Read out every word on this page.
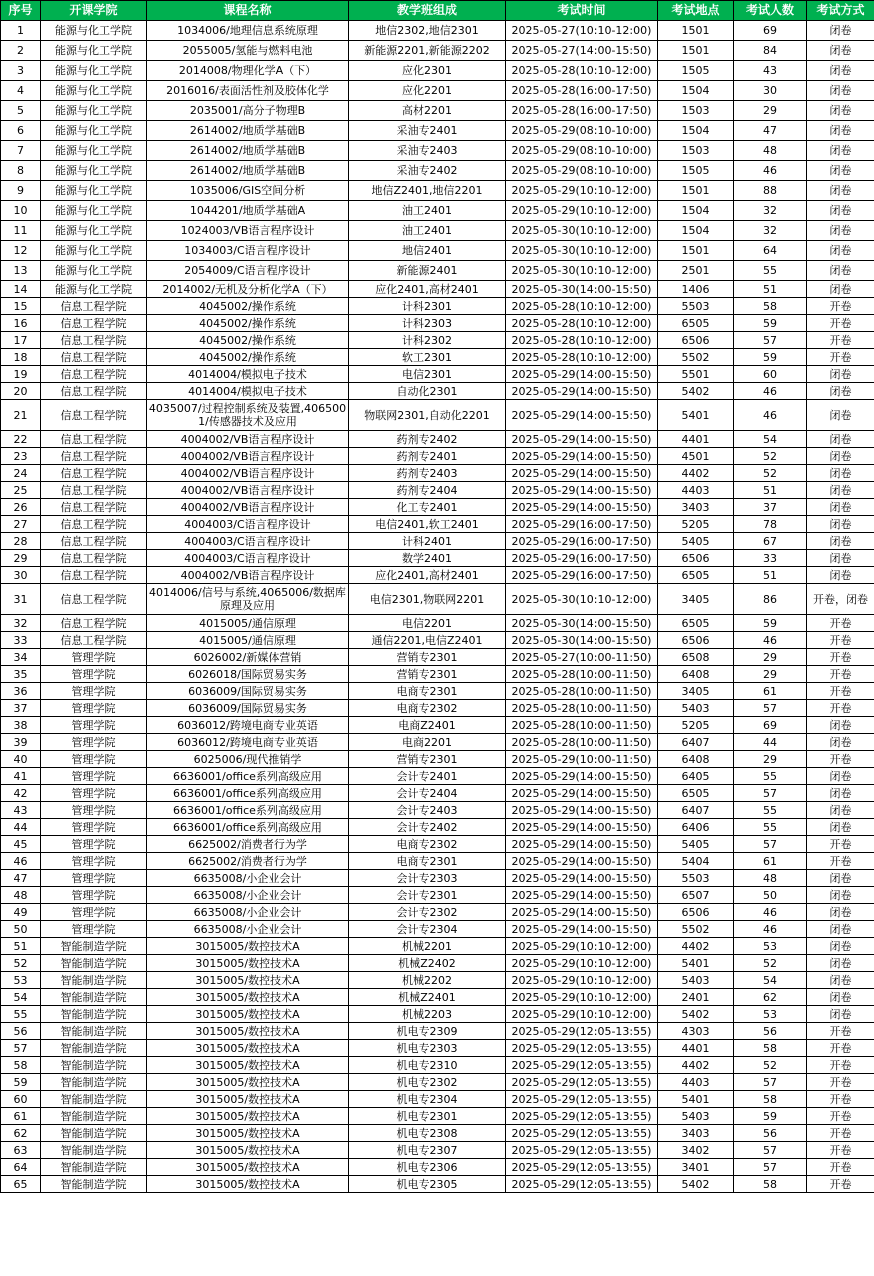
序号	开课学院	课程名称	教学班组成	考试时间	考试地点	考试人数	考试方式
1	能源与化工学院	1034006/地理信息系统原理	地信2302,地信2301	2025-05-27(10:10-12:00)	1501	69	闭卷
2	能源与化工学院	2055005/氢能与燃料电池	新能源2201,新能源2202	2025-05-27(14:00-15:50)	1501	84	闭卷
3	能源与化工学院	2014008/物理化学A（下）	应化2301	2025-05-28(10:10-12:00)	1505	43	闭卷
4	能源与化工学院	2016016/表面活性剂及胶体化学	应化2201	2025-05-28(16:00-17:50)	1504	30	闭卷
5	能源与化工学院	2035001/高分子物理B	高材2201	2025-05-28(16:00-17:50)	1503	29	闭卷
6	能源与化工学院	2614002/地质学基础B	采油专2401	2025-05-29(08:10-10:00)	1504	47	闭卷
7	能源与化工学院	2614002/地质学基础B	采油专2403	2025-05-29(08:10-10:00)	1503	48	闭卷
8	能源与化工学院	2614002/地质学基础B	采油专2402	2025-05-29(08:10-10:00)	1505	46	闭卷
9	能源与化工学院	1035006/GIS空间分析	地信Z2401,地信2201	2025-05-29(10:10-12:00)	1501	88	闭卷
10	能源与化工学院	1044201/地质学基础A	油工2401	2025-05-29(10:10-12:00)	1504	32	闭卷
11	能源与化工学院	1024003/VB语言程序设计	油工2401	2025-05-30(10:10-12:00)	1504	32	闭卷
12	能源与化工学院	1034003/C语言程序设计	地信2401	2025-05-30(10:10-12:00)	1501	64	闭卷
13	能源与化工学院	2054009/C语言程序设计	新能源2401	2025-05-30(10:10-12:00)	2501	55	闭卷
14	能源与化工学院	2014002/无机及分析化学A（下）	应化2401,高材2401	2025-05-30(14:00-15:50)	1406	51	闭卷
15	信息工程学院	4045002/操作系统	计科2301	2025-05-28(10:10-12:00)	5503	58	开卷
16	信息工程学院	4045002/操作系统	计科2303	2025-05-28(10:10-12:00)	6505	59	开卷
17	信息工程学院	4045002/操作系统	计科2302	2025-05-28(10:10-12:00)	6506	57	开卷
18	信息工程学院	4045002/操作系统	软工2301	2025-05-28(10:10-12:00)	5502	59	开卷
19	信息工程学院	4014004/模拟电子技术	电信2301	2025-05-29(14:00-15:50)	5501	60	闭卷
20	信息工程学院	4014004/模拟电子技术	自动化2301	2025-05-29(14:00-15:50)	5402	46	闭卷
21	信息工程学院	4035007/过程控制系统及装置,4065001/传感器技术及应用	物联网2301,自动化2201	2025-05-29(14:00-15:50)	5401	46	闭卷
22	信息工程学院	4004002/VB语言程序设计	药剂专2402	2025-05-29(14:00-15:50)	4401	54	闭卷
23	信息工程学院	4004002/VB语言程序设计	药剂专2401	2025-05-29(14:00-15:50)	4501	52	闭卷
24	信息工程学院	4004002/VB语言程序设计	药剂专2403	2025-05-29(14:00-15:50)	4402	52	闭卷
25	信息工程学院	4004002/VB语言程序设计	药剂专2404	2025-05-29(14:00-15:50)	4403	51	闭卷
26	信息工程学院	4004002/VB语言程序设计	化工专2401	2025-05-29(14:00-15:50)	3403	37	闭卷
27	信息工程学院	4004003/C语言程序设计	电信2401,软工2401	2025-05-29(16:00-17:50)	5205	78	闭卷
28	信息工程学院	4004003/C语言程序设计	计科2401	2025-05-29(16:00-17:50)	5405	67	闭卷
29	信息工程学院	4004003/C语言程序设计	数学2401	2025-05-29(16:00-17:50)	6506	33	闭卷
30	信息工程学院	4004002/VB语言程序设计	应化2401,高材2401	2025-05-29(16:00-17:50)	6505	51	闭卷
31	信息工程学院	4014006/信号与系统,4065006/数据库原理及应用	电信2301,物联网2201	2025-05-30(10:10-12:00)	3405	86	开卷，闭卷
32	信息工程学院	4015005/通信原理	电信2201	2025-05-30(14:00-15:50)	6505	59	开卷
33	信息工程学院	4015005/通信原理	通信2201,电信Z2401	2025-05-30(14:00-15:50)	6506	46	开卷
34	管理学院	6026002/新媒体营销	营销专2301	2025-05-27(10:00-11:50)	6508	29	开卷
35	管理学院	6026018/国际贸易实务	营销专2301	2025-05-28(10:00-11:50)	6408	29	开卷
36	管理学院	6036009/国际贸易实务	电商专2301	2025-05-28(10:00-11:50)	3405	61	开卷
37	管理学院	6036009/国际贸易实务	电商专2302	2025-05-28(10:00-11:50)	5403	57	开卷
38	管理学院	6036012/跨境电商专业英语	电商Z2401	2025-05-28(10:00-11:50)	5205	69	闭卷
39	管理学院	6036012/跨境电商专业英语	电商2201	2025-05-28(10:00-11:50)	6407	44	闭卷
40	管理学院	6025006/现代推销学	营销专2301	2025-05-29(10:00-11:50)	6408	29	开卷
41	管理学院	6636001/office系列高级应用	会计专2401	2025-05-29(14:00-15:50)	6405	55	闭卷
42	管理学院	6636001/office系列高级应用	会计专2404	2025-05-29(14:00-15:50)	6505	57	闭卷
43	管理学院	6636001/office系列高级应用	会计专2403	2025-05-29(14:00-15:50)	6407	55	闭卷
44	管理学院	6636001/office系列高级应用	会计专2402	2025-05-29(14:00-15:50)	6406	55	闭卷
45	管理学院	6625002/消费者行为学	电商专2302	2025-05-29(14:00-15:50)	5405	57	开卷
46	管理学院	6625002/消费者行为学	电商专2301	2025-05-29(14:00-15:50)	5404	61	开卷
47	管理学院	6635008/小企业会计	会计专2303	2025-05-29(14:00-15:50)	5503	48	闭卷
48	管理学院	6635008/小企业会计	会计专2301	2025-05-29(14:00-15:50)	6507	50	闭卷
49	管理学院	6635008/小企业会计	会计专2302	2025-05-29(14:00-15:50)	6506	46	闭卷
50	管理学院	6635008/小企业会计	会计专2304	2025-05-29(14:00-15:50)	5502	46	闭卷
51	智能制造学院	3015005/数控技术A	机械2201	2025-05-29(10:10-12:00)	4402	53	闭卷
52	智能制造学院	3015005/数控技术A	机械Z2402	2025-05-29(10:10-12:00)	5401	52	闭卷
53	智能制造学院	3015005/数控技术A	机械2202	2025-05-29(10:10-12:00)	5403	54	闭卷
54	智能制造学院	3015005/数控技术A	机械Z2401	2025-05-29(10:10-12:00)	2401	62	闭卷
55	智能制造学院	3015005/数控技术A	机械2203	2025-05-29(10:10-12:00)	5402	53	闭卷
56	智能制造学院	3015005/数控技术A	机电专2309	2025-05-29(12:05-13:55)	4303	56	开卷
57	智能制造学院	3015005/数控技术A	机电专2303	2025-05-29(12:05-13:55)	4401	58	开卷
58	智能制造学院	3015005/数控技术A	机电专2310	2025-05-29(12:05-13:55)	4402	52	开卷
59	智能制造学院	3015005/数控技术A	机电专2302	2025-05-29(12:05-13:55)	4403	57	开卷
60	智能制造学院	3015005/数控技术A	机电专2304	2025-05-29(12:05-13:55)	5401	58	开卷
61	智能制造学院	3015005/数控技术A	机电专2301	2025-05-29(12:05-13:55)	5403	59	开卷
62	智能制造学院	3015005/数控技术A	机电专2308	2025-05-29(12:05-13:55)	3403	56	开卷
63	智能制造学院	3015005/数控技术A	机电专2307	2025-05-29(12:05-13:55)	3402	57	开卷
64	智能制造学院	3015005/数控技术A	机电专2306	2025-05-29(12:05-13:55)	3401	57	开卷
65	智能制造学院	3015005/数控技术A	机电专2305	2025-05-29(12:05-13:55)	5402	58	开卷
